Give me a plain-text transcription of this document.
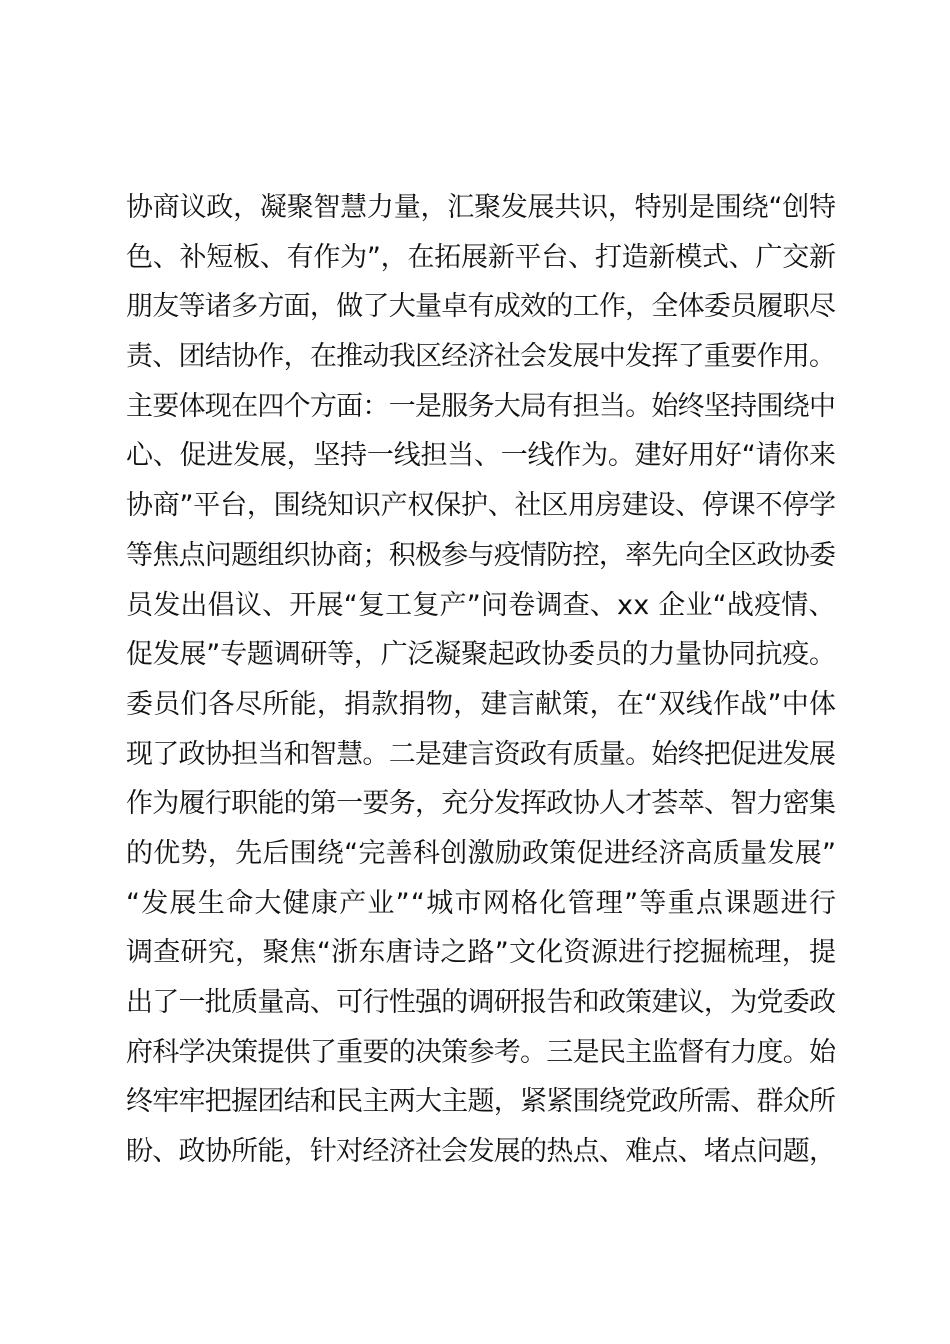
协商议政，凝聚智慧力量，汇聚发展共识，特别是围绕“创特
色、补短板、有作为”，在拓展新平台、打造新模式、广交新
朋友等诸多方面，做了大量卓有成效的工作，全体委员履职尽
责、团结协作，在推动我区经济社会发展中发挥了重要作用。
主要体现在四个方面：一是服务大局有担当。始终坚持围绕中
心、促进发展，坚持一线担当、一线作为。建好用好“请你来
协商”平台，围绕知识产权保护、社区用房建设、停课不停学
等焦点问题组织协商；积极参与疫情防控，率先向全区政协委
员发出倡议、开展“复工复产”问卷调查、xx 企业“战疫情、
促发展”专题调研等，广泛凝聚起政协委员的力量协同抗疫。
委员们各尽所能，捐款捐物，建言献策，在“双线作战”中体
现了政协担当和智慧。二是建言资政有质量。始终把促进发展
作为履行职能的第一要务，充分发挥政协人才荟萃、智力密集
的优势，先后围绕“完善科创激励政策促进经济高质量发展”
“发展生命大健康产业”“城市网格化管理”等重点课题进行
调查研究，聚焦“浙东唐诗之路”文化资源进行挖掘梳理，提
出了一批质量高、可行性强的调研报告和政策建议，为党委政
府科学决策提供了重要的决策参考。三是民主监督有力度。始
终牢牢把握团结和民主两大主题，紧紧围绕党政所需、群众所
盼、政协所能，针对经济社会发展的热点、难点、堵点问题，
